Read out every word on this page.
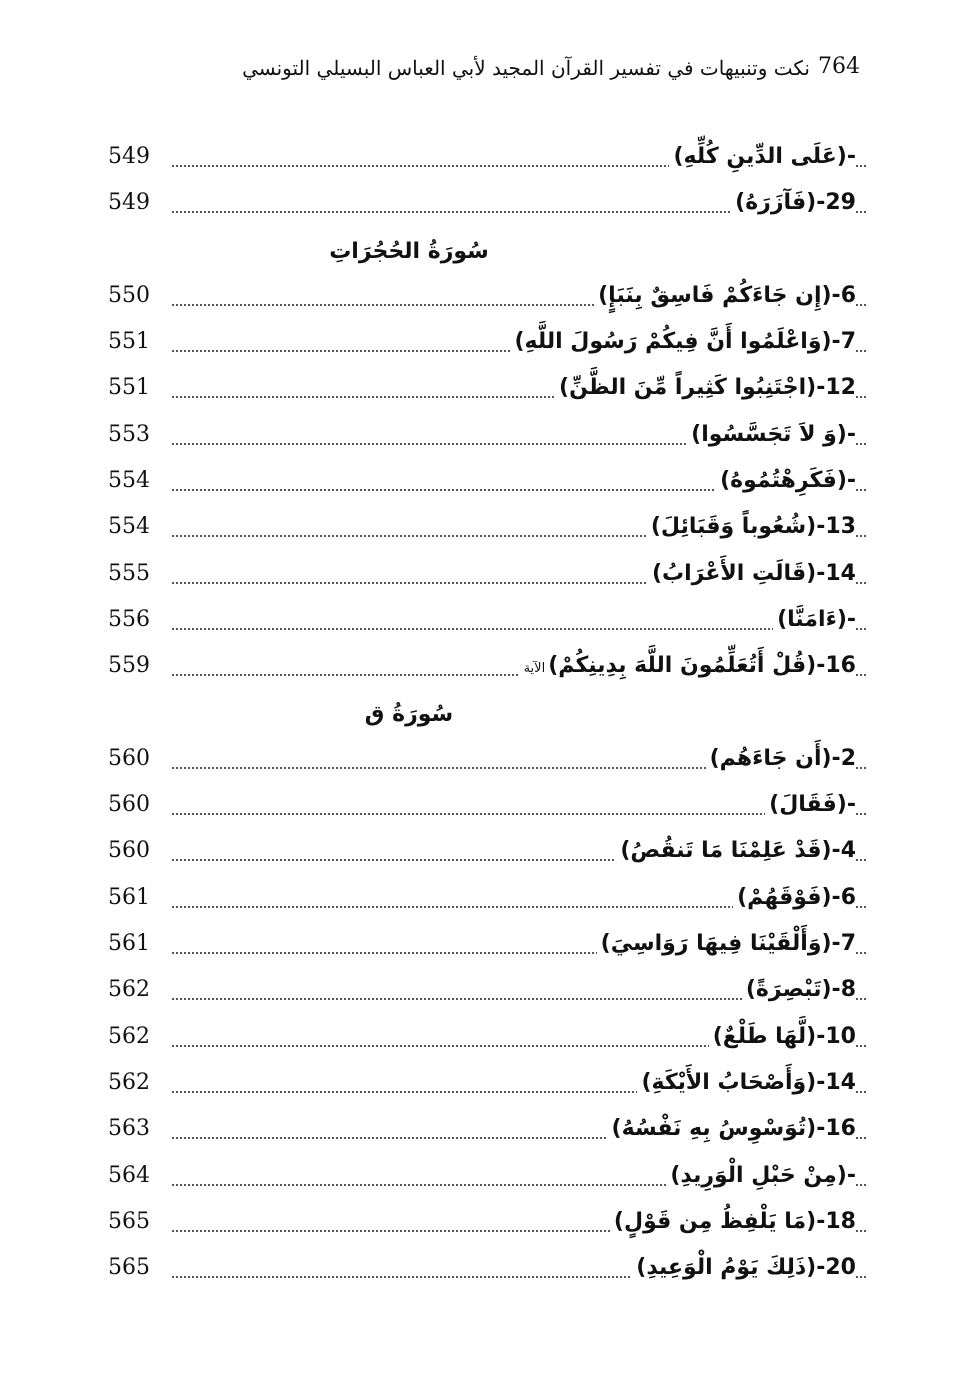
764
نكت وتنبيهات في تفسير القرآن المجيد لأبي العباس البسيلي التونسي
-(عَلَى الدِّينِ كُلِّهِ)
549
29-(فَآزَرَهُ)
549
سُورَةُ الحُجُرَاتِ
6-(إِن جَاءَكُمْ فَاسِقٌ بِنَبَإٍ)
550
7-(وَاعْلَمُوا أَنَّ فِيكُمْ رَسُولَ اللَّهِ)
551
12-(اجْتَنِبُوا كَثِيراً مِّنَ الظَّنِّ)
551
-(وَ لاَ تَجَسَّسُوا)
553
-(فَكَرِهْتُمُوهُ)
554
13-(شُعُوباً وَقَبَائِلَ)
554
14-(قَالَتِ الأَعْرَابُ)
555
-(ءَامَنَّا)
556
16-(قُلْ أَتُعَلِّمُونَ اللَّهَ بِدِينِكُمْ)الآية
559
سُورَةُ ق
2-(أَن جَاءَهُم)
560
-(فَقَالَ)
560
4-(قَدْ عَلِمْنَا مَا تَنقُصُ)
560
6-(فَوْقَهُمْ)
561
7-(وَأَلْقَيْنَا فِيهَا رَوَاسِيَ)
561
8-(تَبْصِرَةً)
562
10-(لَّهَا طَلْعٌ)
562
14-(وَأَصْحَابُ الأَيْكَةِ)
562
16-(تُوَسْوِسُ بِهِ نَفْسُهُ)
563
-(مِنْ حَبْلِ الْوَرِيدِ)
564
18-(مَا يَلْفِظُ مِن قَوْلٍ)
565
20-(ذَلِكَ يَوْمُ الْوَعِيدِ)
565
